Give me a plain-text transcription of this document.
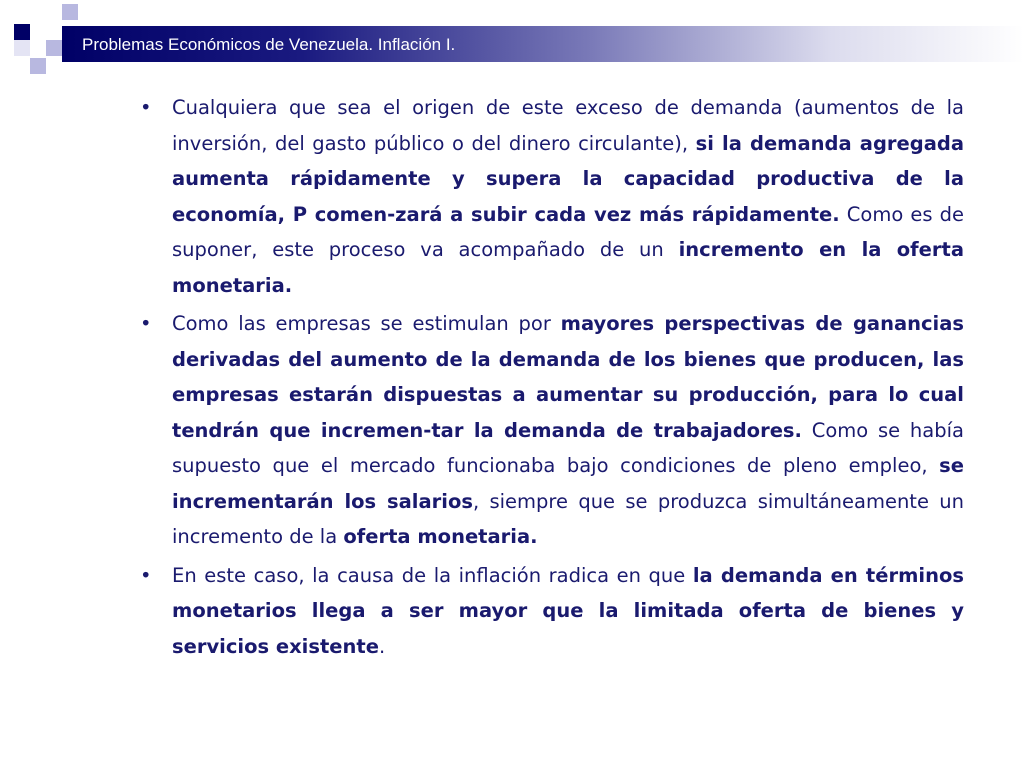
Problemas Económicos de Venezuela. Inflación I.
• Cualquiera que sea el origen de este exceso de demanda (aumentos de la inversión, del gasto público o del dinero circulante), si la demanda agregada aumenta rápidamente y supera la capacidad productiva de la economía, P comen-zará a subir cada vez más rápidamente. Como es de suponer, este proceso va acompañado de un incremento en la oferta monetaria.
• Como las empresas se estimulan por mayores perspectivas de ganancias derivadas del aumento de la demanda de los bienes que producen, las empresas estarán dispuestas a aumentar su producción, para lo cual tendrán que incremen-tar la demanda de trabajadores. Como se había supuesto que el mercado funcionaba bajo condiciones de pleno empleo, se incrementarán los salarios, siempre que se produzca simultáneamente un incremento de la oferta monetaria.
• En este caso, la causa de la inflación radica en que la demanda en términos monetarios llega a ser mayor que la limitada oferta de bienes y servicios existente.
